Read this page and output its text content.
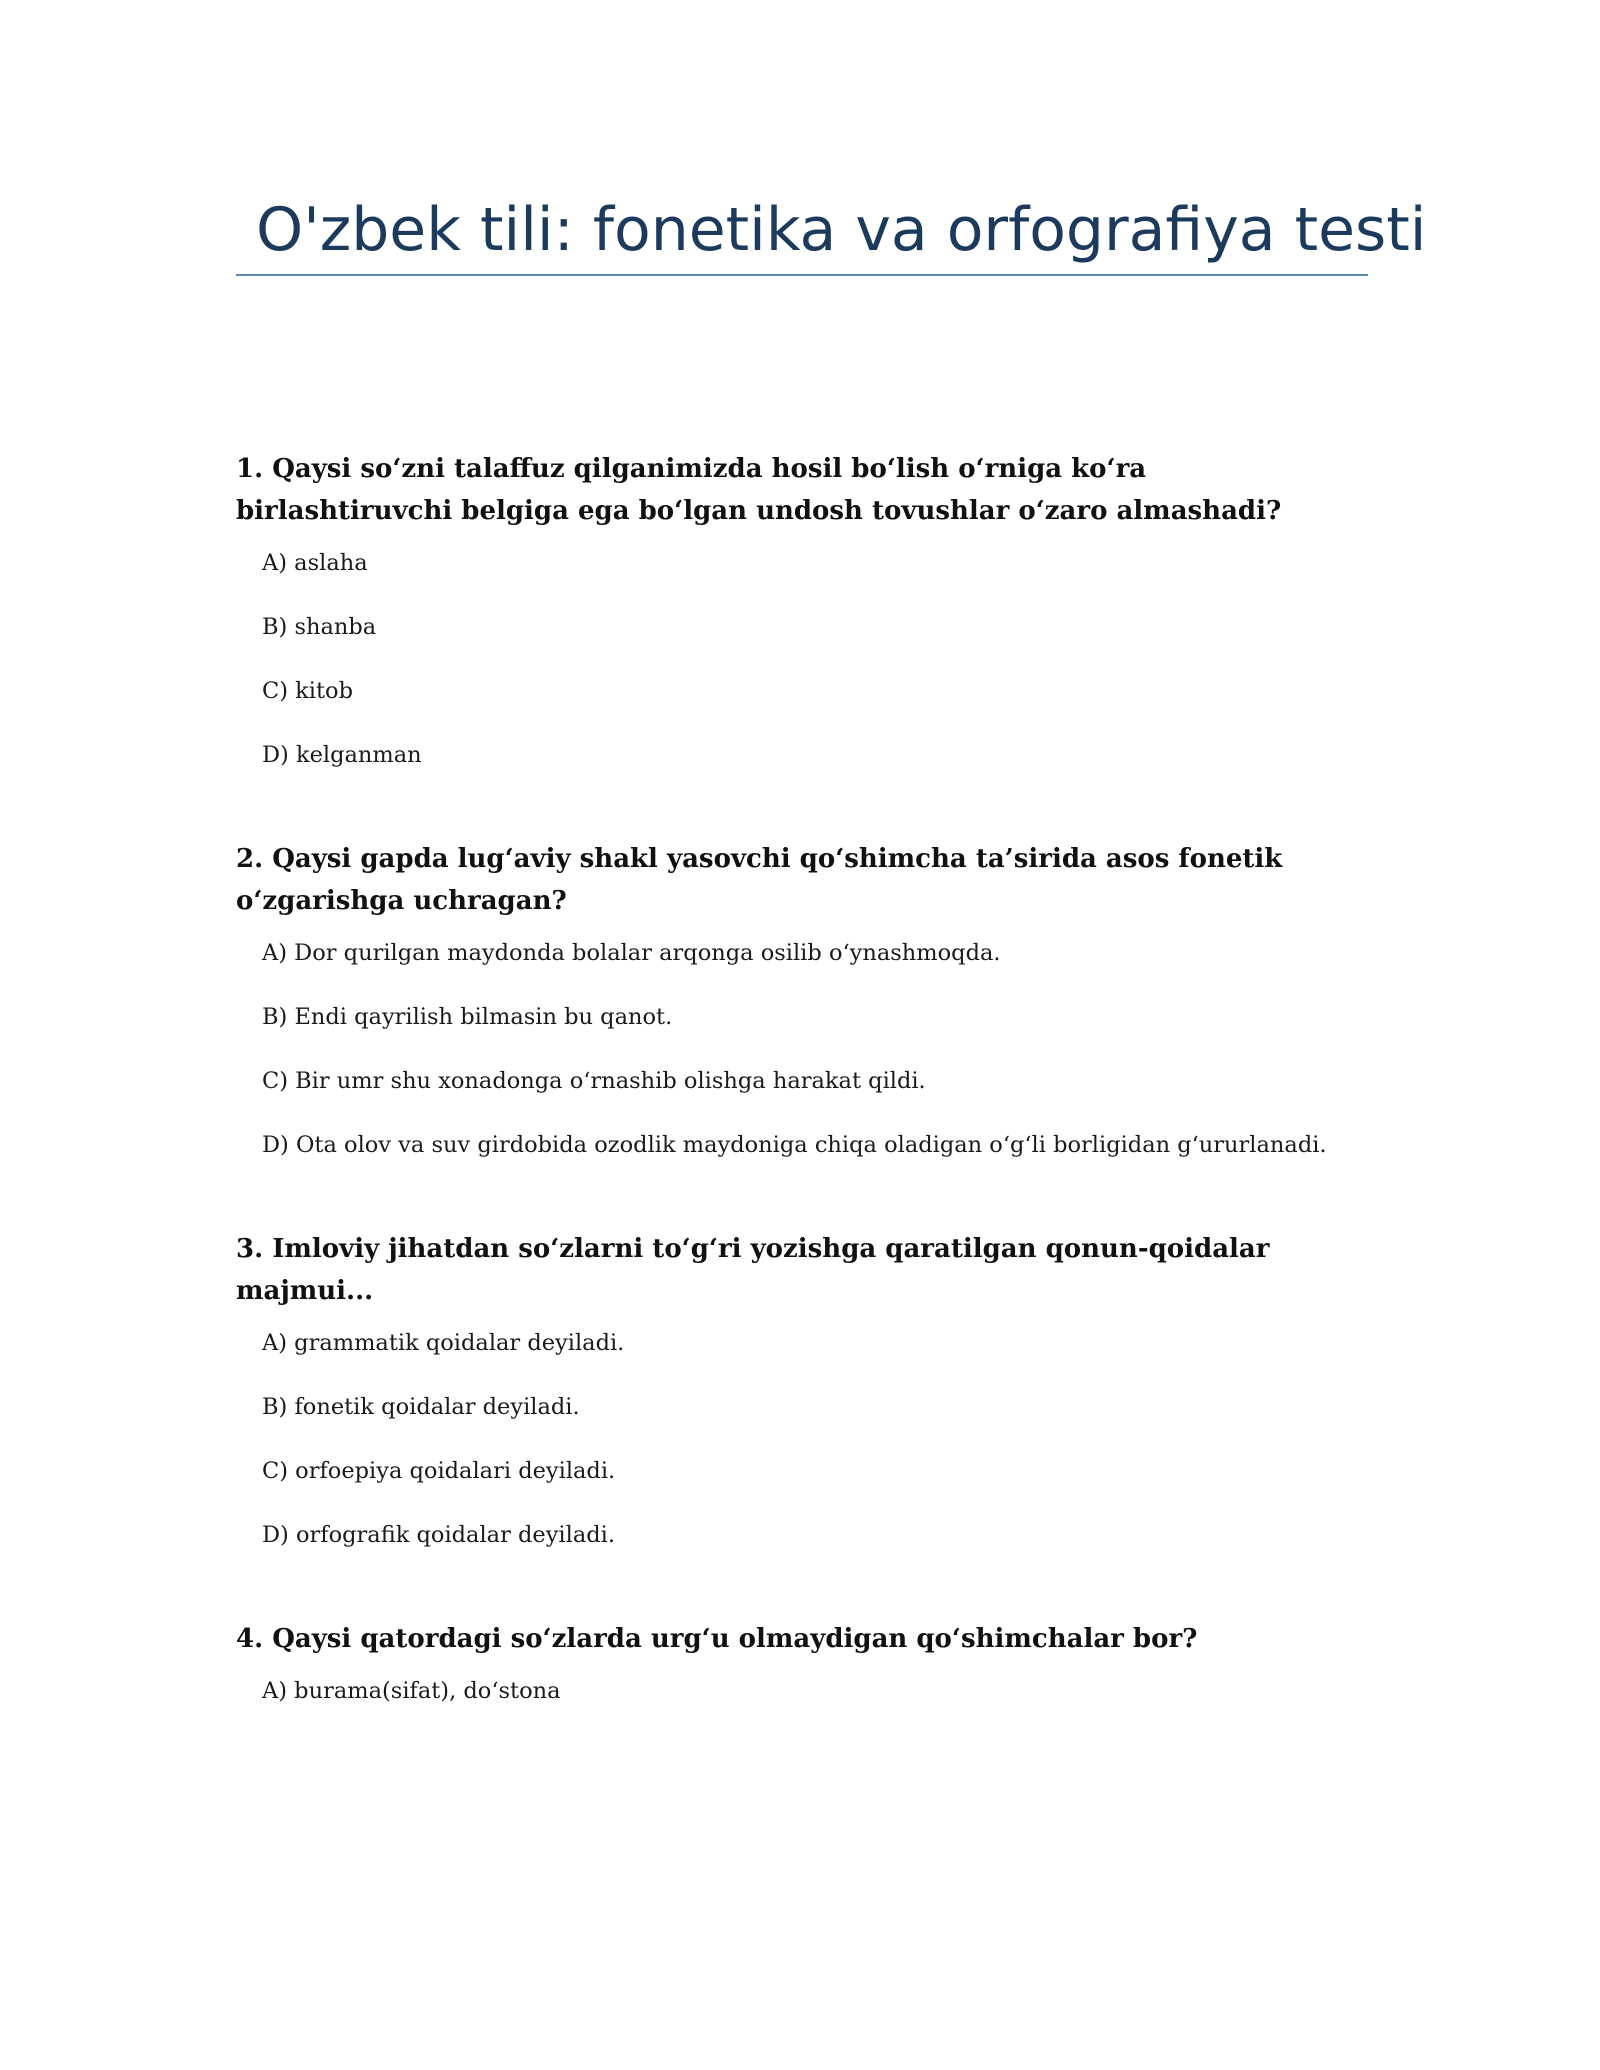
O'zbek tili: fonetika va orfografiya testi

1. Qaysi soʻzni talaffuz qilganimizda hosil boʻlish oʻrniga koʻra birlashtiruvchi belgiga ega boʻlgan undosh tovushlar oʻzaro almashadi?

A) aslaha
B) shanba
C) kitob
D) kelganman

2. Qaysi gapda lugʻaviy shakl yasovchi qoʻshimcha ta’sirida asos fonetik oʻzgarishga uchragan?

A) Dor qurilgan maydonda bolalar arqonga osilib oʻynashmoqda.
B) Endi qayrilish bilmasin bu qanot.
C) Bir umr shu xonadonga oʻrnashib olishga harakat qildi.
D) Ota olov va suv girdobida ozodlik maydoniga chiqa oladigan oʻgʻli borligidan gʻururlanadi.

3. Imloviy jihatdan soʻzlarni toʻgʻri yozishga qaratilgan qonun-qoidalar majmui...

A) grammatik qoidalar deyiladi.
B) fonetik qoidalar deyiladi.
C) orfoepiya qoidalari deyiladi.
D) orfografik qoidalar deyiladi.

4. Qaysi qatordagi soʻzlarda urgʻu olmaydigan qoʻshimchalar bor?

A) burama(sifat), doʻstona
